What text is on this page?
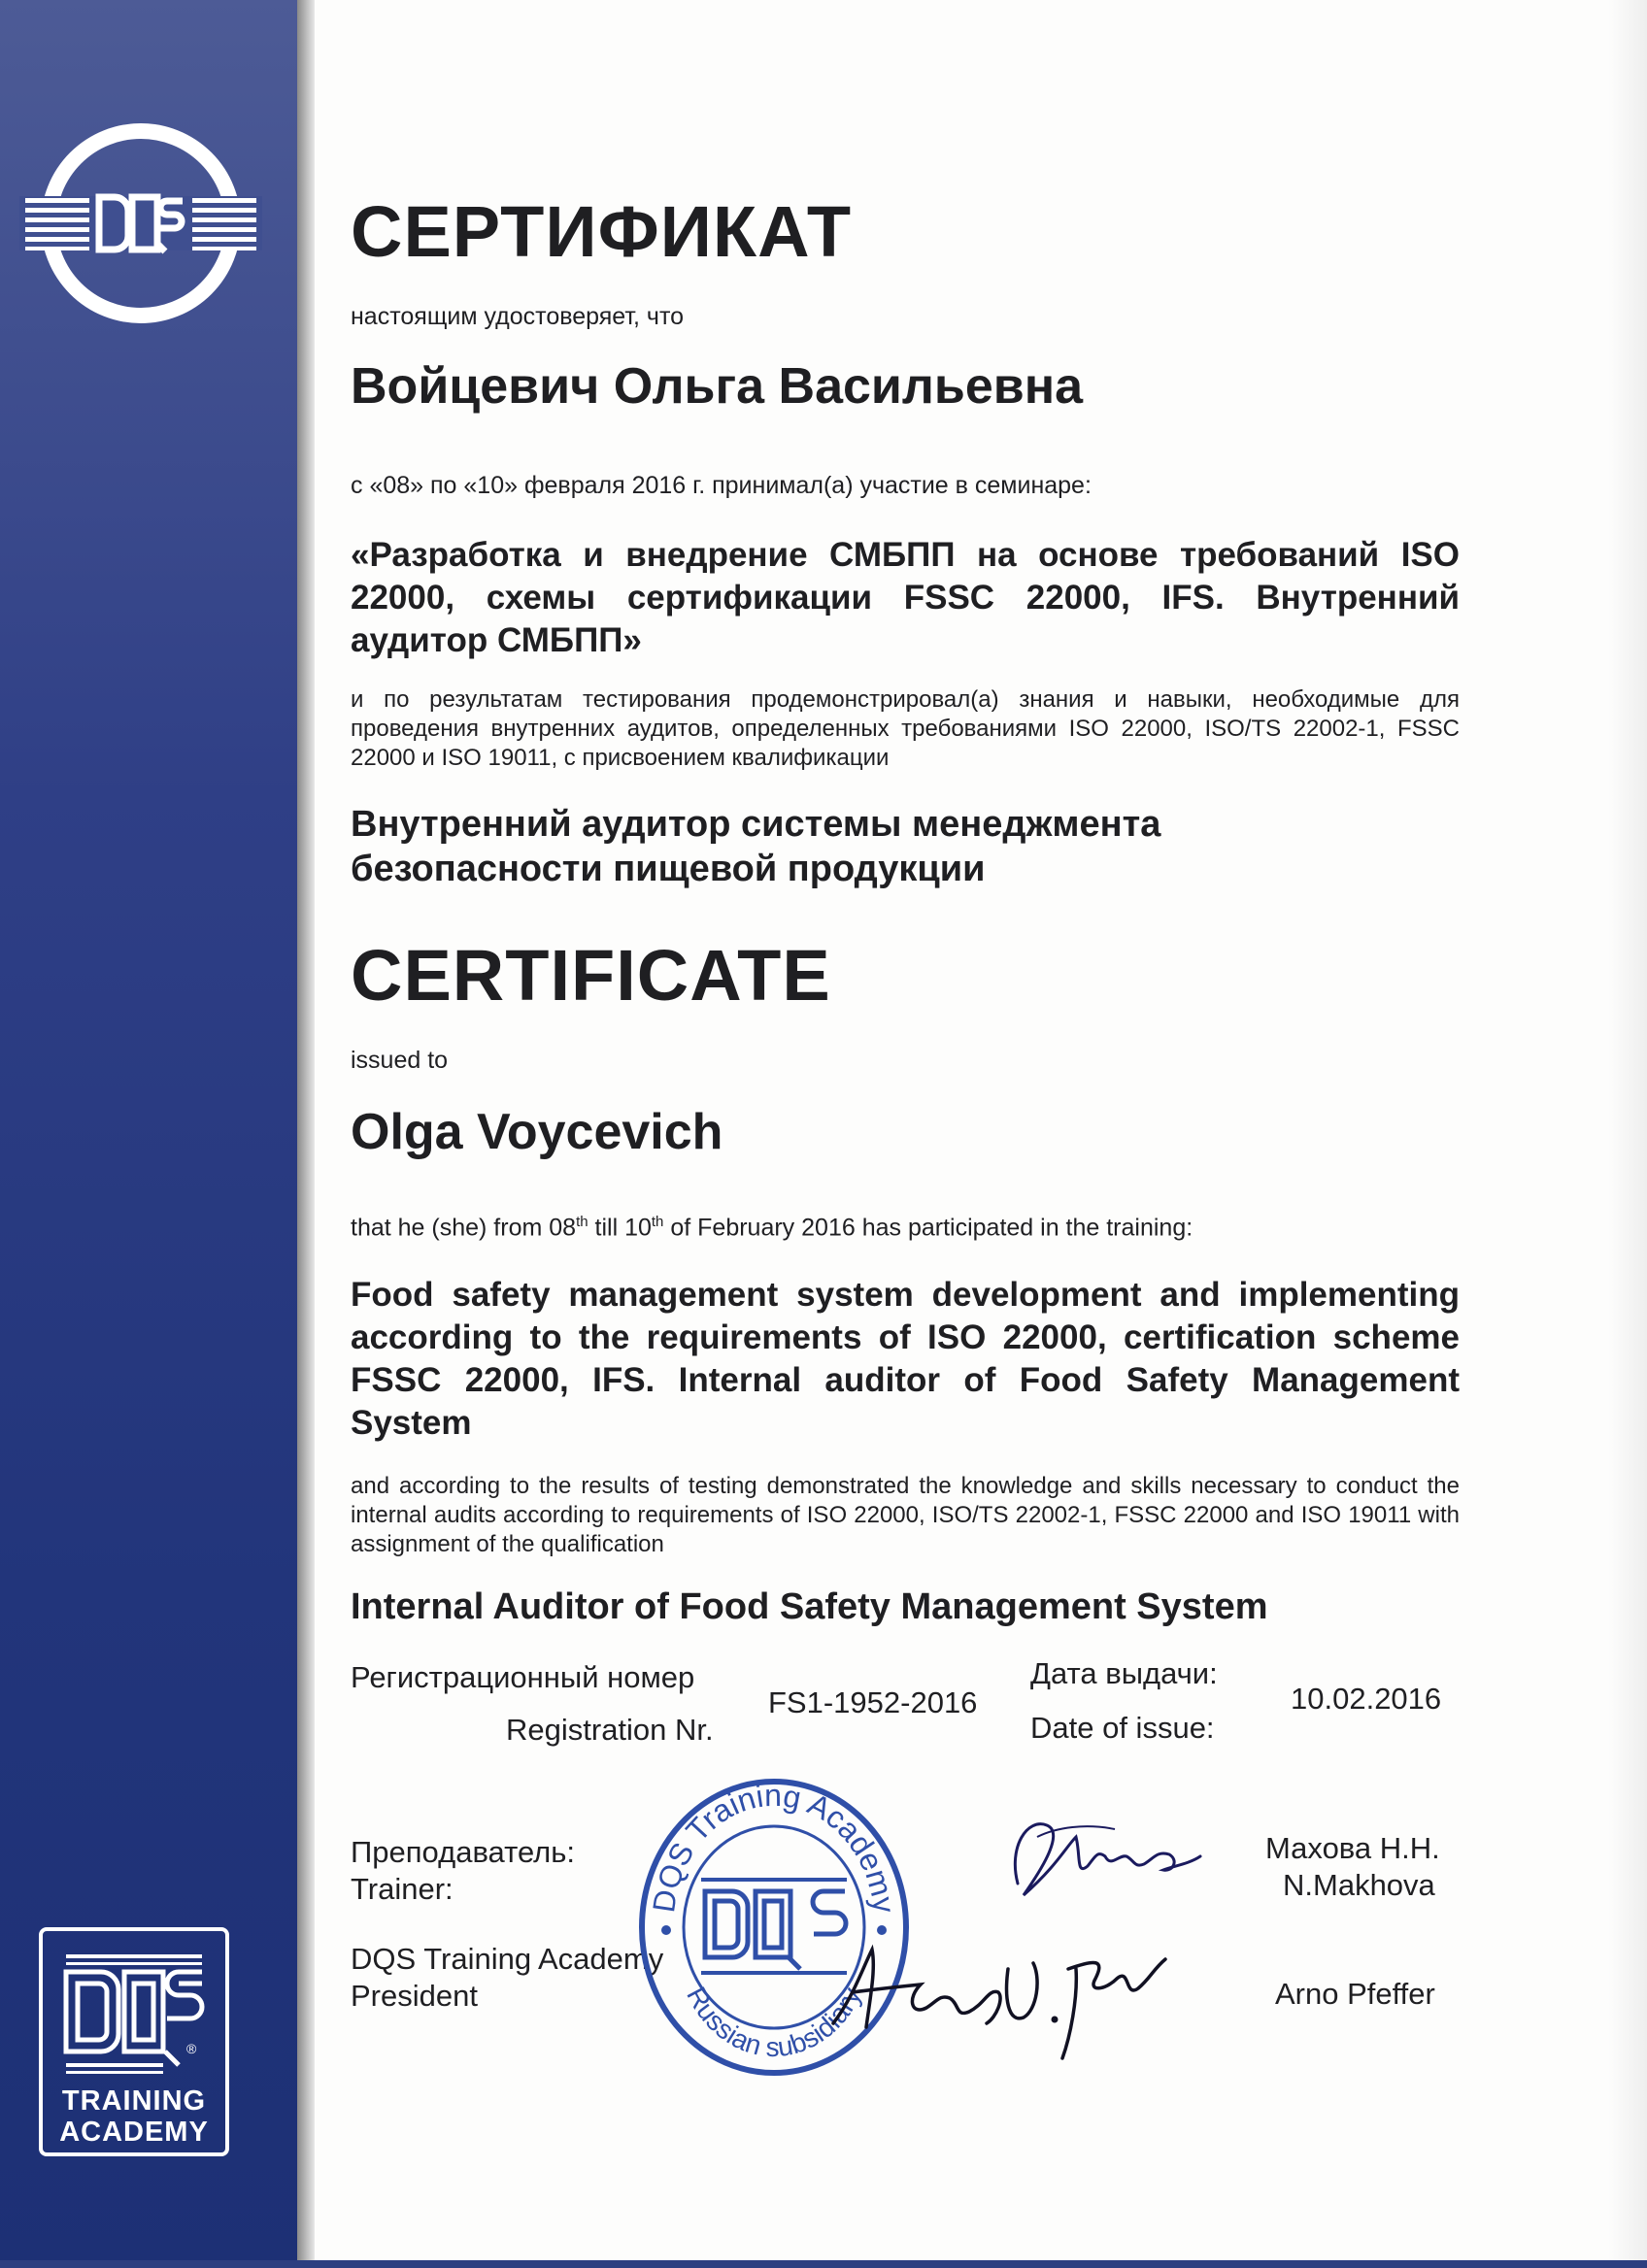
®
TRAINING
ACADEMY
СЕРТИФИКАТ
настоящим удостоверяет, что
Войцевич Ольга Васильевна
с «08» по «10» февраля 2016 г. принимал(а) участие в семинаре:
«Разработка и внедрение СМБПП на основе требований ISO 22000, схемы сертификации FSSC 22000, IFS. Внутренний аудитор СМБПП»
и по результатам тестирования продемонстрировал(а) знания и навыки, необходимые для проведения внутренних аудитов, определенных требованиями ISO 22000, ISO/TS 22002-1, FSSC 22000 и ISO 19011, с присвоением квалификации
Внутренний аудитор системы менеджмента безопасности пищевой продукции
CERTIFICATE
issued to
Olga Voycevich
that he (she) from 08th till 10th of February 2016 has participated in the training:
Food safety management system development and implementing according to the requirements of ISO 22000, certification scheme FSSC 22000, IFS. Internal auditor of Food Safety Management System
and according to the results of testing demonstrated the knowledge and skills necessary to conduct the internal audits according to requirements of ISO 22000, ISO/TS 22002-1, FSSC 22000 and ISO 19011 with assignment of the qualification
Internal Auditor of Food Safety Management System
Регистрационный номер
Registration Nr.
FS1-1952-2016
Дата выдачи:
Date of issue:
10.02.2016
Преподаватель:
Trainer:
Махова Н.Н.
N.Makhova
DQS Training Academy
President	Arno Pfeffer
DQS Training Academy
Russian subsidiary
